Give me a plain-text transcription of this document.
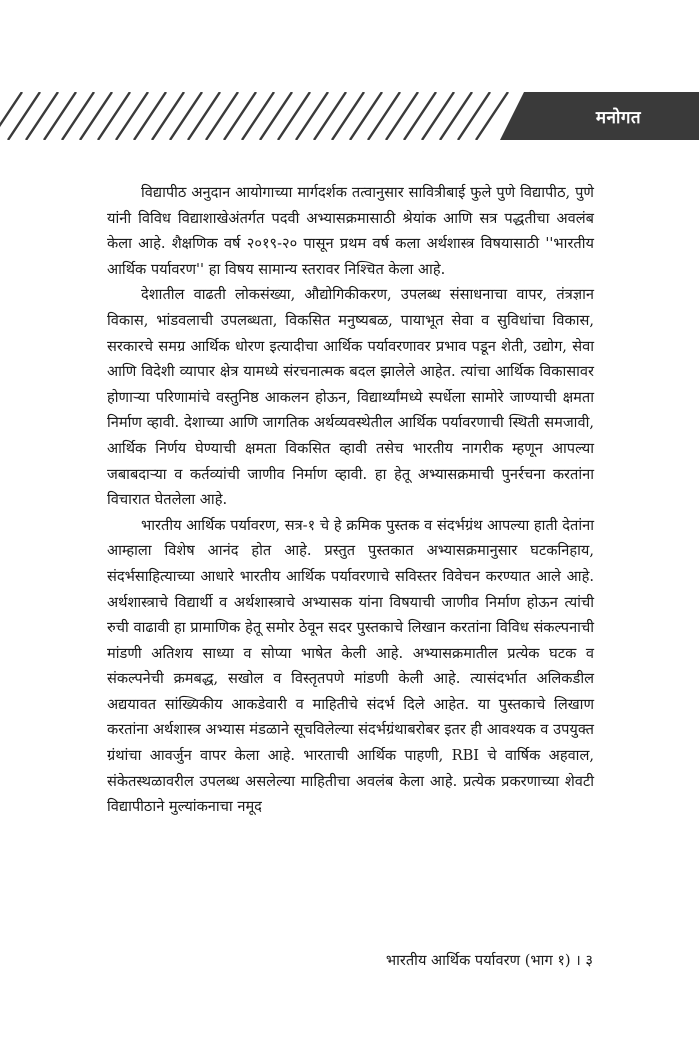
मनोगत

विद्यापीठ अनुदान आयोगाच्या मार्गदर्शक तत्वानुसार सावित्रीबाई फुले पुणे विद्यापीठ, पुणे यांनी विविध विद्याशाखेअंतर्गत पदवी अभ्यासक्रमासाठी श्रेयांक आणि सत्र पद्धतीचा अवलंब केला आहे. शैक्षणिक वर्ष २०१९-२० पासून प्रथम वर्ष कला अर्थशास्त्र विषयासाठी ''भारतीय आर्थिक पर्यावरण'' हा विषय सामान्य स्तरावर निश्चित केला आहे.

देशातील वाढती लोकसंख्या, औद्योगिकीकरण, उपलब्ध संसाधनाचा वापर, तंत्रज्ञान विकास, भांडवलाची उपलब्धता, विकसित मनुष्यबळ, पायाभूत सेवा व सुविधांचा विकास, सरकारचे समग्र आर्थिक धोरण इत्यादीचा आर्थिक पर्यावरणावर प्रभाव पडून शेती, उद्योग, सेवा आणि विदेशी व्यापार क्षेत्र यामध्ये संरचनात्मक बदल झालेले आहेत. त्यांचा आर्थिक विकासावर होणाऱ्या परिणामांचे वस्तुनिष्ठ आकलन होऊन, विद्यार्थ्यांमध्ये स्पर्धेला सामोरे जाण्याची क्षमता निर्माण व्हावी. देशाच्या आणि जागतिक अर्थव्यवस्थेतील आर्थिक पर्यावरणाची स्थिती समजावी, आर्थिक निर्णय घेण्याची क्षमता विकसित व्हावी तसेच भारतीय नागरीक म्हणून आपल्या जबाबदाऱ्या व कर्तव्यांची जाणीव निर्माण व्हावी. हा हेतू अभ्यासक्रमाची पुनर्रचना करतांना विचारात घेतलेला आहे.

भारतीय आर्थिक पर्यावरण, सत्र-१ चे हे क्रमिक पुस्तक व संदर्भग्रंथ आपल्या हाती देतांना आम्हाला विशेष आनंद होत आहे. प्रस्तुत पुस्तकात अभ्यासक्रमानुसार घटकनिहाय, संदर्भसाहित्याच्या आधारे भारतीय आर्थिक पर्यावरणाचे सविस्तर विवेचन करण्यात आले आहे. अर्थशास्त्राचे विद्यार्थी व अर्थशास्त्राचे अभ्यासक यांना विषयाची जाणीव निर्माण होऊन त्यांची रुची वाढावी हा प्रामाणिक हेतू समोर ठेवून सदर पुस्तकाचे लिखान करतांना विविध संकल्पनाची मांडणी अतिशय साध्या व सोप्या भाषेत केली आहे. अभ्यासक्रमातील प्रत्येक घटक व संकल्पनेची क्रमबद्ध, सखोल व विस्तृतपणे मांडणी केली आहे. त्यासंदर्भात अलिकडील अद्ययावत सांख्यिकीय आकडेवारी व माहितीचे संदर्भ दिले आहेत. या पुस्तकाचे लिखाण करतांना अर्थशास्त्र अभ्यास मंडळाने सूचविलेल्या संदर्भग्रंथाबरोबर इतर ही आवश्यक व उपयुक्त ग्रंथांचा आवर्जुन वापर केला आहे. भारताची आर्थिक पाहणी, RBI चे वार्षिक अहवाल, संकेतस्थळावरील उपलब्ध असलेल्या माहितीचा अवलंब केला आहे. प्रत्येक प्रकरणाच्या शेवटी विद्यापीठाने मुल्यांकनाचा नमूद

भारतीय आर्थिक पर्यावरण (भाग १) । ३
